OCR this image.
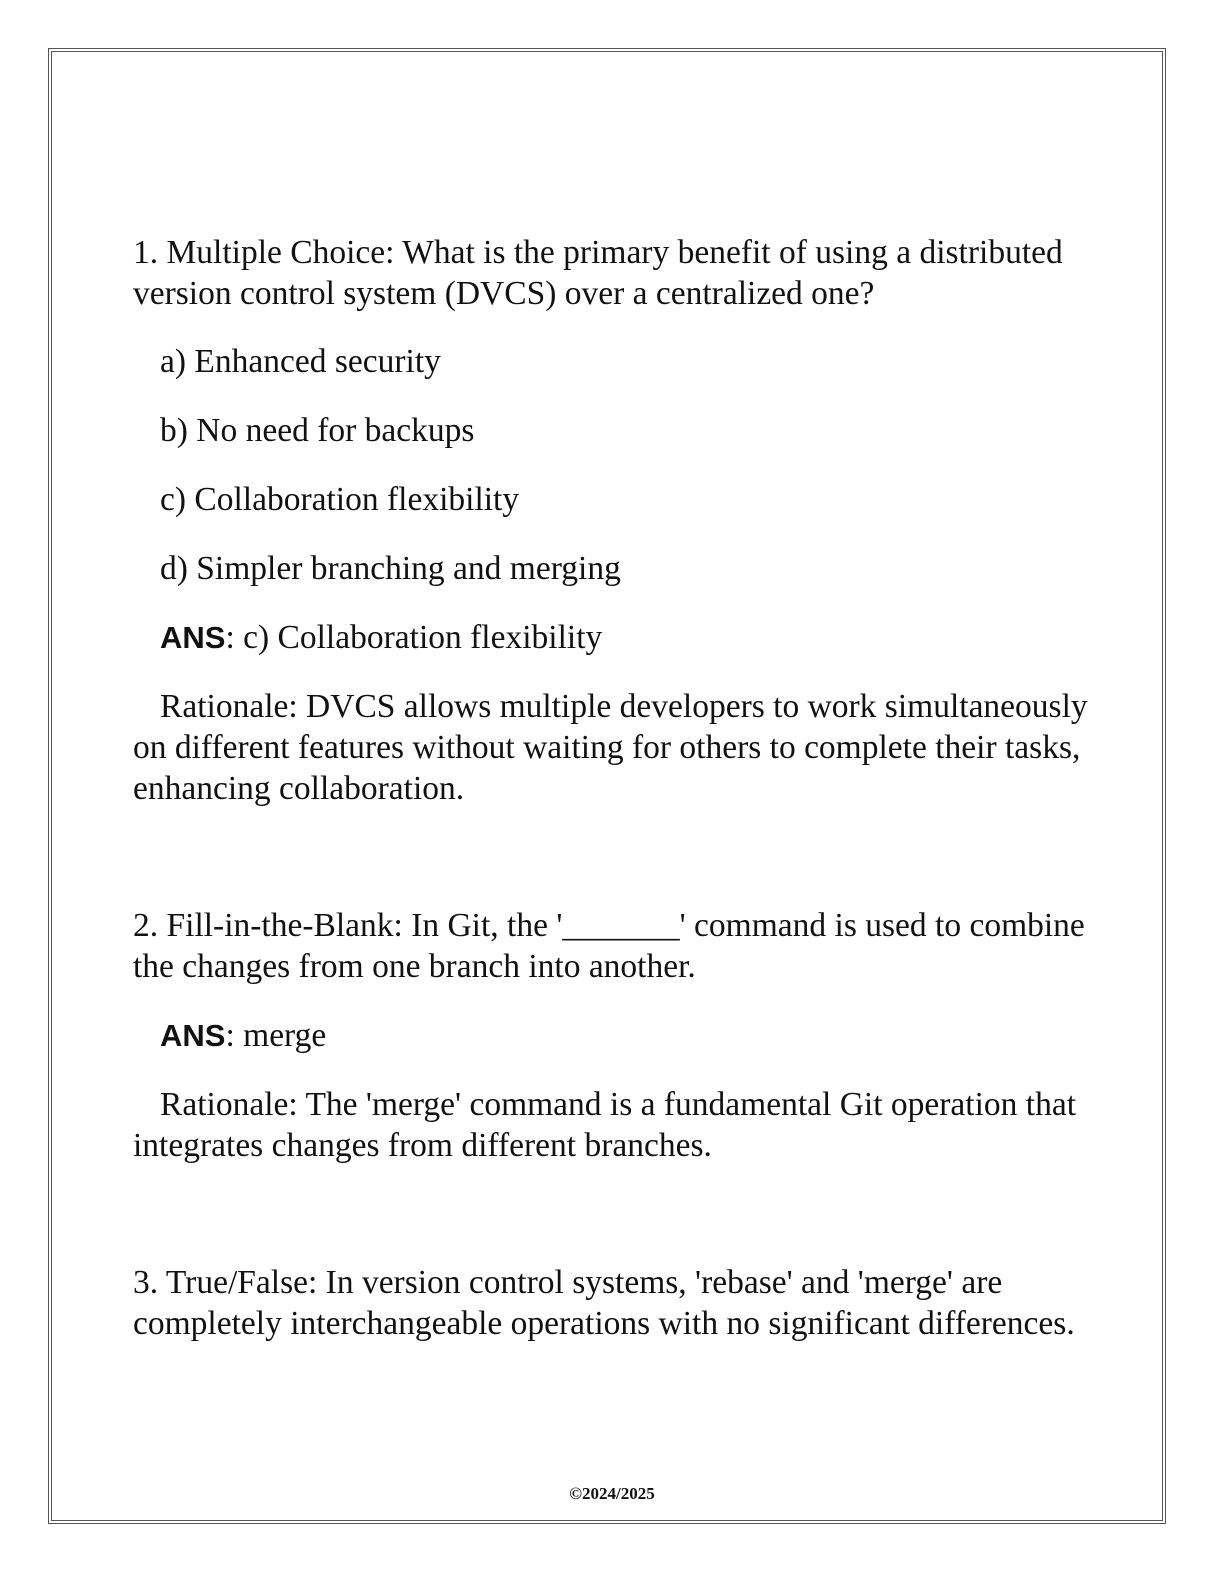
1. Multiple Choice: What is the primary benefit of using a distributed version control system (DVCS) over a centralized one?

a) Enhanced security

b) No need for backups

c) Collaboration flexibility

d) Simpler branching and merging

ANS: c) Collaboration flexibility

Rationale: DVCS allows multiple developers to work simultaneously on different features without waiting for others to complete their tasks, enhancing collaboration.

2. Fill-in-the-Blank: In Git, the '_______' command is used to combine the changes from one branch into another.

ANS: merge

Rationale: The 'merge' command is a fundamental Git operation that integrates changes from different branches.

3. True/False: In version control systems, 'rebase' and 'merge' are completely interchangeable operations with no significant differences.

©2024/2025
